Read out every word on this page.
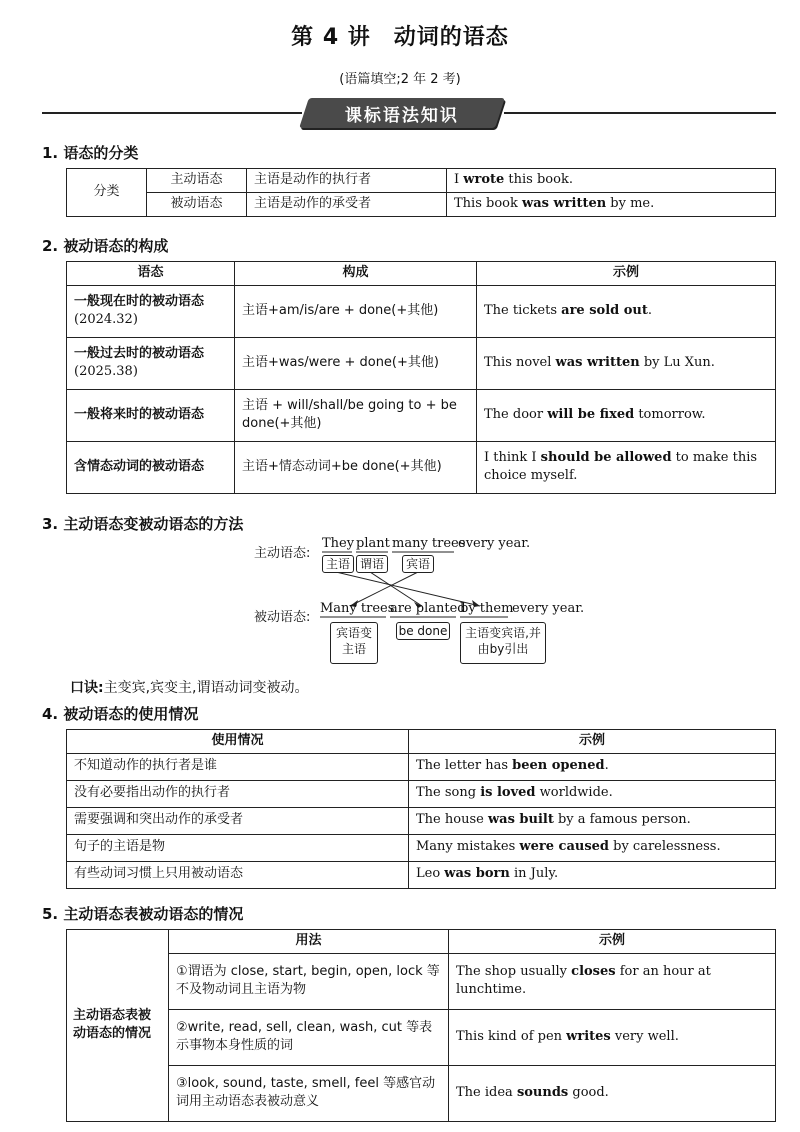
第 4 讲　动词的语态
(语篇填空;2 年 2 考)
课标语法知识
1. 语态的分类
分类	主动语态	主语是动作的执行者	I wrote this book.
	被动语态	主语是动作的承受者	This book was written by me.
2. 被动语态的构成
语态	构成	示例
一般现在时的被动语态
(2024.32)	主语+am/is/are + done(+其他)	The tickets are sold out.
一般过去时的被动语态
(2025.38)	主语+was/were + done(+其他)	This novel was written by Lu Xun.
一般将来时的被动语态	主语 + will/shall/be going to + be done(+其他)	The door will be fixed tomorrow.
含情态动词的被动语态	主语+情态动词+be done(+其他)	I think I should be allowed to make this choice myself.
3. 主动语态变被动语态的方法
主动语态:
They plant many trees
every year.
主语 谓语	宾语
被动语态:
Many trees
are planted
by them
every year.
宾语变主语
be done	主语变宾语,并由by引出
口诀:主变宾,宾变主,谓语动词变被动。
4. 被动语态的使用情况
使用情况	示例
不知道动作的执行者是谁	The letter has been opened.
没有必要指出动作的执行者	The song is loved worldwide.
需要强调和突出动作的承受者	The house was built by a famous person.
句子的主语是物	Many mistakes were caused by carelessness.
有些动词习惯上只用被动语态	Leo was born in July.
5. 主动语态表被动语态的情况
主动语态表被动语态的情况	用法	示例
	①谓语为 close, start, begin, open, lock 等不及物动词且主语为物	The shop usually closes for an hour at lunchtime.
	②write, read, sell, clean, wash, cut 等表示事物本身性质的词	This kind of pen writes very well.
	③look, sound, taste, smell, feel 等感官动词用主动语态表被动意义	The idea sounds good.
